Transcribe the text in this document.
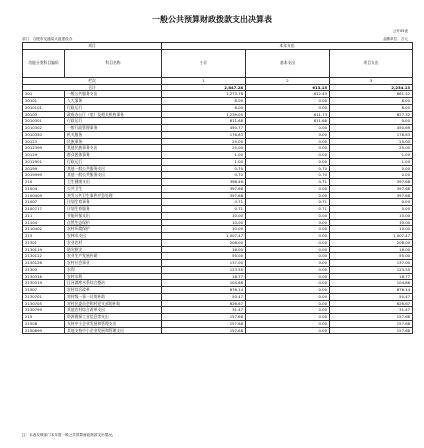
一般公共预算财政拨款支出决算表
公开05表
部门：合肥市交通局大道建设办	金额单位：万元
项目		本年支出		
功能分类科目编码	科目名称	小计	基本支出	项目支出
栏次		1	2	3
合计		2,847.28	613.15	2,234.13
201	一般公共服务支出	1,273.78	612.43	661.52
20101	人大事务	8.00	0.00	8.00
2010101	行政运行	8.00	0.00	8.00
20103	政府办公厅（室）及相关机构事务	1,239.05	611.73	627.32
2010301	行政运行	611.68	611.68	0.00
2010302	一般行政管理事务	450.77	0.00	450.69
2010350	机关服务	176.63	0.00	176.63
20123	民族事务	25.00	0.00	25.00
2012399	其他民族事务支出	25.00	0.00	25.00
20129	群众团体事务	1.00	0.00	1.00
2012901	行政运行	1.00	0.00	1.00
20199	其他一般公共服务支出	0.70	0.70	0.00
2019999	其他一般公共服务支出	0.70	0.70	0.00
210	卫生健康支出	398.46	0.71	397.68
21004	公共卫生	397.68	0.00	397.68
2100409	突发公共卫生事件应急处理	397.68	0.00	397.68
21007	计划生育事务	0.71	0.71	0.00
2100717	计划生育服务	0.71	0.71	0.00
211	节能环保支出	10.00	0.00	10.00
21104	自然生态保护	10.00	0.00	10.00
2110402	农村环境保护	10.00	0.00	10.00
213	农林水支出	1,007.47	0.00	1,007.47
21301	农业农村	208.00	0.00	208.00
2130119	防灾救灾	16.00	0.00	16.00
2130122	农业生产发展补助	55.00	0.00	55.00
2130126	农村社会事业	137.00	0.00	137.00
21303	水利	123.55	0.00	123.55
2130316	农村水利	18.77	0.00	18.77
2130319	江河湖库水系综合整治	104.88	0.00	104.88
21307	农村综合改革	676.14	0.00	676.14
2130701	对村级一事一议的补助	50.47	0.00	50.47
2130705	对村民委员会和村党支部的补助	626.67	0.00	626.67
2130799	其他农村综合改革支出	31.47	0.00	31.47
215	资源勘探工业信息等支出	157.68	0.00	157.68
21508	支持中小企业发展和管理支出	157.68	0.00	157.68
2150899	其他支持中小企业发展和管理支出	157.68	0.00	157.68
注：本表反映部门本年度一般公共预算财政拨款支出情况。
